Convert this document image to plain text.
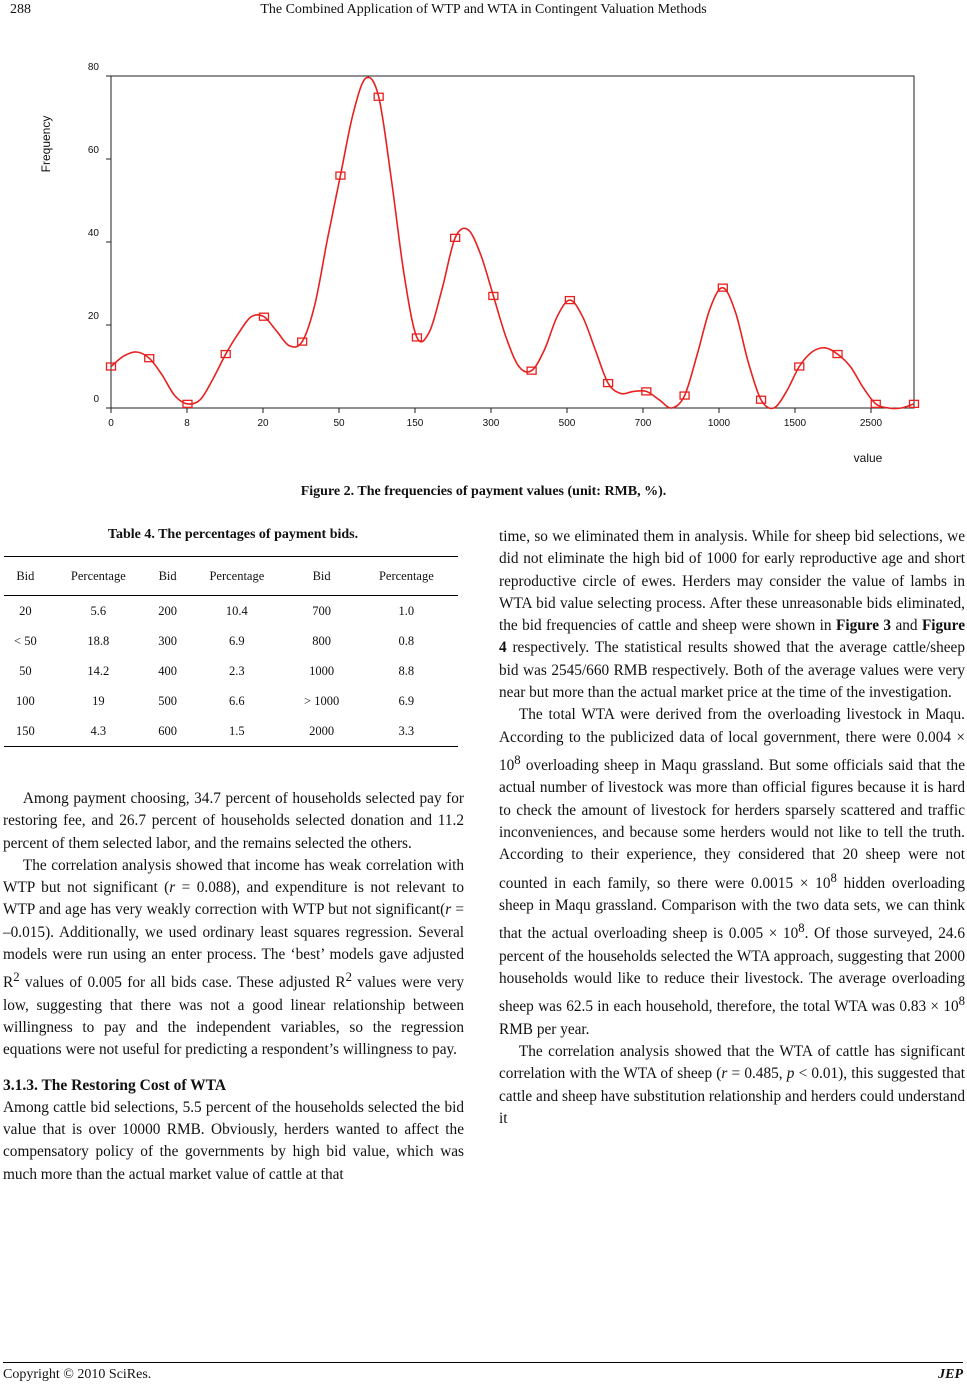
288	The Combined Application of WTP and WTA in Contingent Valuation Methods
0
20
40
60
80
0	8	20	50	150	300	500	700	1000	1500	2500
Frequency
value
Figure 2. The frequencies of payment values (unit: RMB, %).
Table 4. The percentages of payment bids.
Bid	Percentage	Bid	Percentage	Bid	Percentage
20	5.6	200	10.4	700	1.0
< 50	18.8	300	6.9	800	0.8
50	14.2	400	2.3	1000	8.8
100	19	500	6.6	> 1000	6.9
150	4.3	600	1.5	2000	3.3

Among payment choosing, 34.7 percent of households selected pay for restoring fee, and 26.7 percent of households selected donation and 11.2 percent of them selected labor, and the remains selected the others.

The correlation analysis showed that income has weak correlation with WTP but not significant (r = 0.088), and expenditure is not relevant to WTP and age has very weakly correction with WTP but not significant(r = –0.015). Additionally, we used ordinary least squares regression. Several models were run using an enter process. The ‘best’ models gave adjusted $R^2$ values of 0.005 for all bids case. These adjusted $R^2$ values were very low, suggesting that there was not a good linear relationship between willingness to pay and the independent variables, so the regression equations were not useful for predicting a respondent’s willingness to pay.

3.1.3. The Restoring Cost of WTA

Among cattle bid selections, 5.5 percent of the households selected the bid value that is over 10000 RMB. Obviously, herders wanted to affect the compensatory policy of the governments by high bid value, which was much more than the actual market value of cattle at that

time, so we eliminated them in analysis. While for sheep bid selections, we did not eliminate the high bid of 1000 for early reproductive age and short reproductive circle of ewes. Herders may consider the value of lambs in WTA bid value selecting process. After these unreasonable bids eliminated, the bid frequencies of cattle and sheep were shown in Figure 3 and Figure 4 respectively. The statistical results showed that the average cattle/sheep bid was 2545/660 RMB respectively. Both of the average values were very near but more than the actual market price at the time of the investigation.

The total WTA were derived from the overloading livestock in Maqu. According to the publicized data of local government, there were $0.004 \times 10^8$ overloading sheep in Maqu grassland. But some officials said that the actual number of livestock was more than official figures because it is hard to check the amount of livestock for herders sparsely scattered and traffic inconveniences, and because some herders would not like to tell the truth. According to their experience, they considered that 20 sheep were not counted in each family, so there were $0.0015 \times 10^8$ hidden overloading sheep in Maqu grassland. Comparison with the two data sets, we can think that the actual overloading sheep is $0.005 \times 10^8$. Of those surveyed, 24.6 percent of the households selected the WTA approach, suggesting that 2000 households would like to reduce their livestock. The average overloading sheep was 62.5 in each household, therefore, the total WTA was $0.83 \times 10^8$ RMB per year.

The correlation analysis showed that the WTA of cattle has significant correlation with the WTA of sheep (r = 0.485, p < 0.01), this suggested that cattle and sheep have substitution relationship and herders could understand it

Copyright © 2010 SciRes.	JEP
